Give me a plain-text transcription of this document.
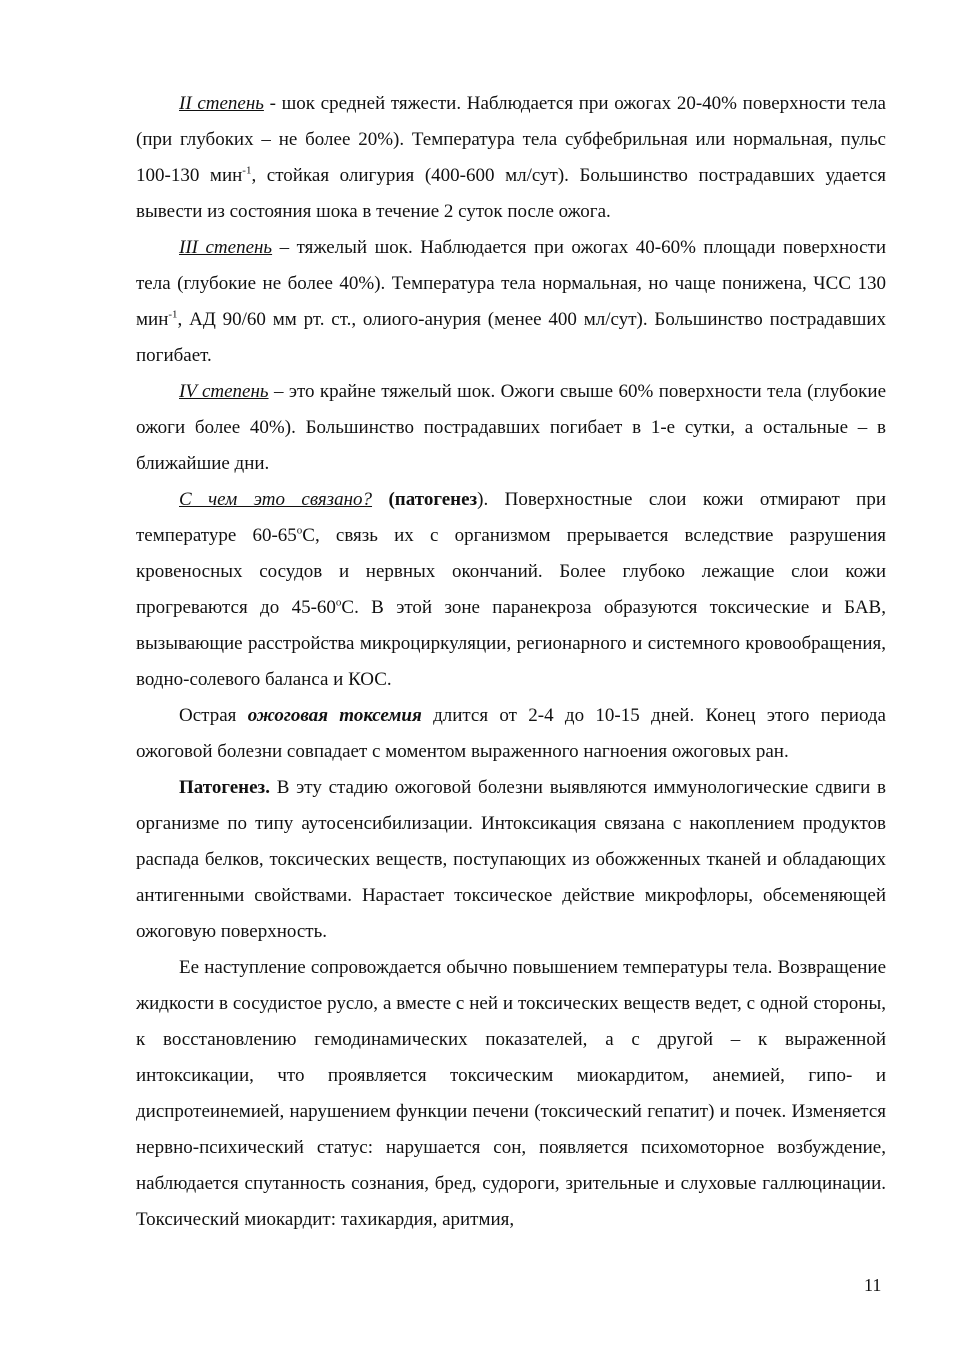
II степень - шок средней тяжести. Наблюдается при ожогах 20-40% поверхности тела (при глубоких – не более 20%). Температура тела субфебрильная или нормальная, пульс 100-130 мин$^{-1}$, стойкая олигурия (400-600 мл/сут). Большинство пострадавших удается вывести из состояния шока в течение 2 суток после ожога.

III степень – тяжелый шок. Наблюдается при ожогах 40-60% площади поверхности тела (глубокие не более 40%). Температура тела нормальная, но чаще понижена, ЧСС 130 мин$^{-1}$, АД 90/60 мм рт. ст., олиого-анурия (менее 400 мл/сут). Большинство пострадавших погибает.

IV степень – это крайне тяжелый шок. Ожоги свыше 60% поверхности тела (глубокие ожоги более 40%). Большинство пострадавших погибает в 1-е сутки, а остальные – в ближайшие дни.

С чем это связано? (патогенез). Поверхностные слои кожи отмирают при температуре $60-65^оС$, связь их с организмом прерывается вследствие разрушения кровеносных сосудов и нервных окончаний. Более глубоко лежащие слои кожи прогреваются до $45-60^оС$. В этой зоне паранекроза образуются токсические и БАВ, вызывающие расстройства микроциркуляции, регионарного и системного кровообращения, водно-солевого баланса и КОС.

Острая ожоговая токсемия длится от 2-4 до 10-15 дней. Конец этого периода ожоговой болезни совпадает с моментом выраженного нагноения ожоговых ран.

Патогенез. В эту стадию ожоговой болезни выявляются иммунологические сдвиги в организме по типу аутосенсибилизации. Интоксикация связана с накоплением продуктов распада белков, токсических веществ, поступающих из обожженных тканей и обладающих антигенными свойствами. Нарастает токсическое действие микрофлоры, обсеменяющей ожоговую поверхность.

Ее наступление сопровождается обычно повышением температуры тела. Возвращение жидкости в сосудистое русло, а вместе с ней и токсических веществ ведет, с одной стороны, к восстановлению гемодинамических показателей, а с другой – к выраженной интоксикации, что проявляется токсическим миокардитом, анемией, гипо- и диспротеинемией, нарушением функции печени (токсический гепатит) и почек. Изменяется нервно-психический статус: нарушается сон, появляется психомоторное возбуждение, наблюдается спутанность сознания, бред, судороги, зрительные и слуховые галлюцинации. Токсический миокардит: тахикардия, аритмия,

11
